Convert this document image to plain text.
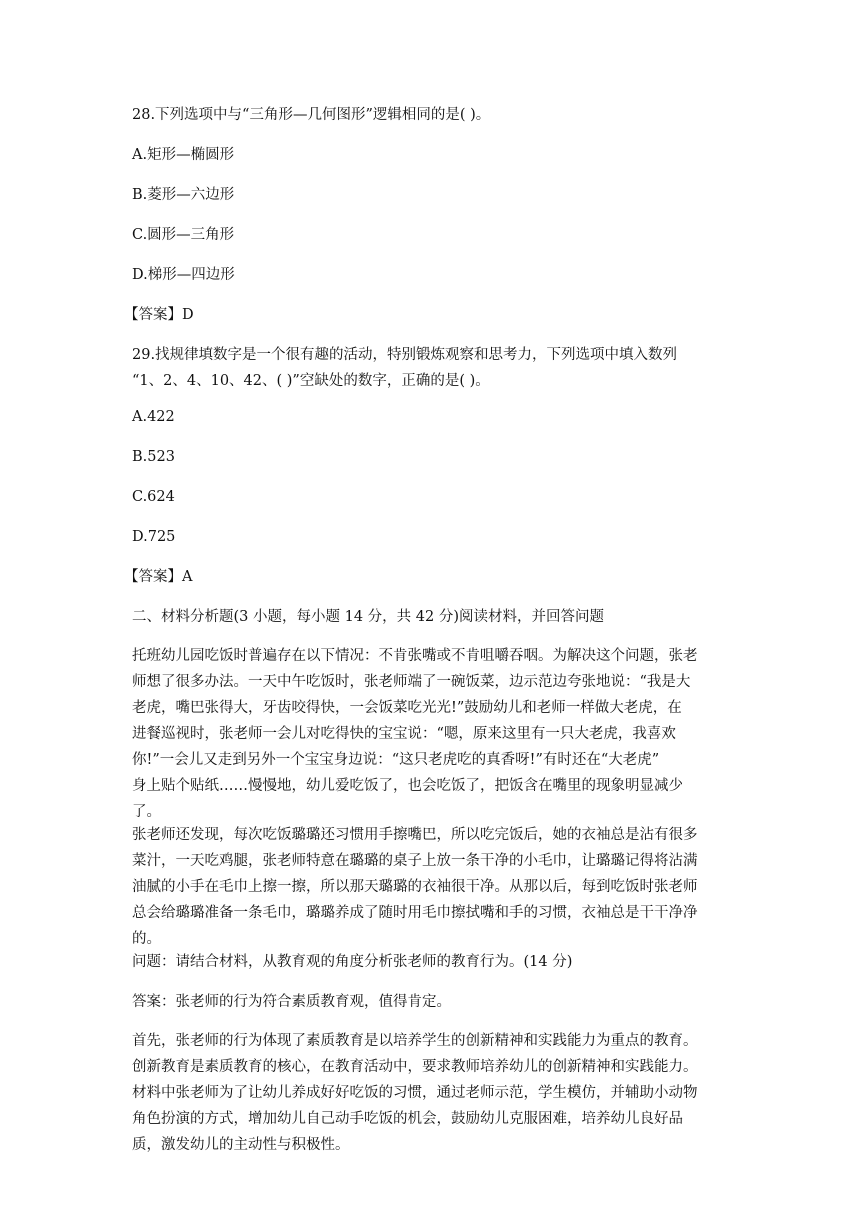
28.下列选项中与“三角形—几何图形”逻辑相同的是( )。

A.矩形—椭圆形

B.菱形—六边形

C.圆形—三角形

D.梯形—四边形

【答案】D

29.找规律填数字是一个很有趣的活动，特别锻炼观察和思考力，下列选项中填入数列
“1、2、4、10、42、( )”空缺处的数字，正确的是( )。

A.422

B.523

C.624

D.725

【答案】A

二、材料分析题(3 小题，每小题 14 分，共 42 分)阅读材料，并回答问题

托班幼儿园吃饭时普遍存在以下情况：不肯张嘴或不肯咀嚼吞咽。为解决这个问题，张老
师想了很多办法。一天中午吃饭时，张老师端了一碗饭菜，边示范边夸张地说：“我是大
老虎，嘴巴张得大，牙齿咬得快，一会饭菜吃光光!”鼓励幼儿和老师一样做大老虎，在
进餐巡视时，张老师一会儿对吃得快的宝宝说：“嗯，原来这里有一只大老虎，我喜欢
你!”一会儿又走到另外一个宝宝身边说：“这只老虎吃的真香呀!”有时还在“大老虎”
身上贴个贴纸……慢慢地，幼儿爱吃饭了，也会吃饭了，把饭含在嘴里的现象明显减少
了。
张老师还发现，每次吃饭璐璐还习惯用手擦嘴巴，所以吃完饭后，她的衣袖总是沾有很多
菜汁，一天吃鸡腿，张老师特意在璐璐的桌子上放一条干净的小毛巾，让璐璐记得将沾满
油腻的小手在毛巾上擦一擦，所以那天璐璐的衣袖很干净。从那以后，每到吃饭时张老师
总会给璐璐准备一条毛巾，璐璐养成了随时用毛巾擦拭嘴和手的习惯，衣袖总是干干净净
的。

问题：请结合材料，从教育观的角度分析张老师的教育行为。(14 分)

答案：张老师的行为符合素质教育观，值得肯定。

首先，张老师的行为体现了素质教育是以培养学生的创新精神和实践能力为重点的教育。
创新教育是素质教育的核心，在教育活动中，要求教师培养幼儿的创新精神和实践能力。
材料中张老师为了让幼儿养成好好吃饭的习惯，通过老师示范，学生模仿，并辅助小动物
角色扮演的方式，增加幼儿自己动手吃饭的机会，鼓励幼儿克服困难，培养幼儿良好品
质，激发幼儿的主动性与积极性。
